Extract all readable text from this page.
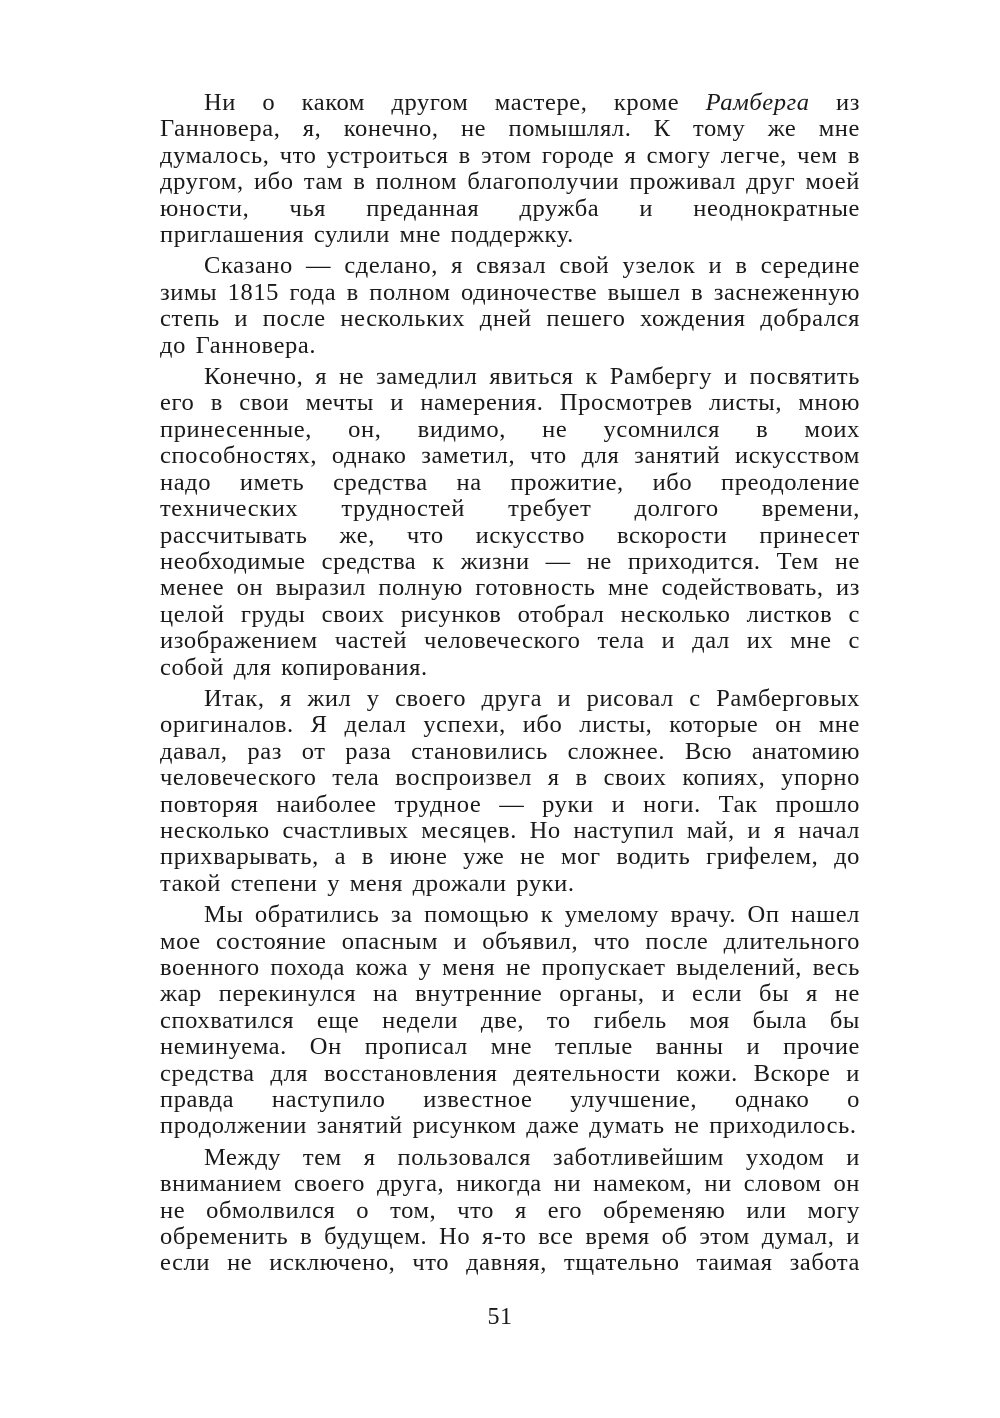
Ни о каком другом мастере, кроме Рамберга из Ганновера, я, конечно, не помышлял. К тому же мне думалось, что устроиться в этом городе я смогу легче, чем в другом, ибо там в полном благополучии проживал друг моей юности, чья преданная дружба и неоднократные приглашения сулили мне поддержку.

Сказано — сделано, я связал свой узелок и в середине зимы 1815 года в полном одиночестве вышел в заснеженную степь и после нескольких дней пешего хождения добрался до Ганновера.

Конечно, я не замедлил явиться к Рамбергу и посвятить его в свои мечты и намерения. Просмотрев листы, мною принесенные, он, видимо, не усомнился в моих способностях, однако заметил, что для занятий искусством надо иметь средства на прожитие, ибо преодоление технических трудностей требует долгого времени, рассчитывать же, что искусство вскорости принесет необходимые средства к жизни — не приходится. Тем не менее он выразил полную готовность мне содействовать, из целой груды своих рисунков отобрал несколько листков с изображением частей человеческого тела и дал их мне с собой для копирования.

Итак, я жил у своего друга и рисовал с Рамберговых оригиналов. Я делал успехи, ибо листы, которые он мне давал, раз от раза становились сложнее. Всю анатомию человеческого тела воспроизвел я в своих копиях, упорно повторяя наиболее трудное — руки и ноги. Так прошло несколько счастливых месяцев. Но наступил май, и я начал прихварывать, а в июне уже не мог водить грифелем, до такой степени у меня дрожали руки.

Мы обратились за помощью к умелому врачу. Оп нашел мое состояние опасным и объявил, что после длительного военного похода кожа у меня не пропускает выделений, весь жар перекинулся на внутренние органы, и если бы я не спохватился еще недели две, то гибель моя была бы неминуема. Он прописал мне теплые ванны и прочие средства для восстановления деятельности кожи. Вскоре и правда наступило известное улучшение, однако о продолжении занятий рисунком даже думать не приходилось.

Между тем я пользовался заботливейшим уходом и вниманием своего друга, никогда ни намеком, ни словом он не обмолвился о том, что я его обременяю или могу обременить в будущем. Но я-то все время об этом думал, и если не исключено, что давняя, тщательно таимая забота

51
